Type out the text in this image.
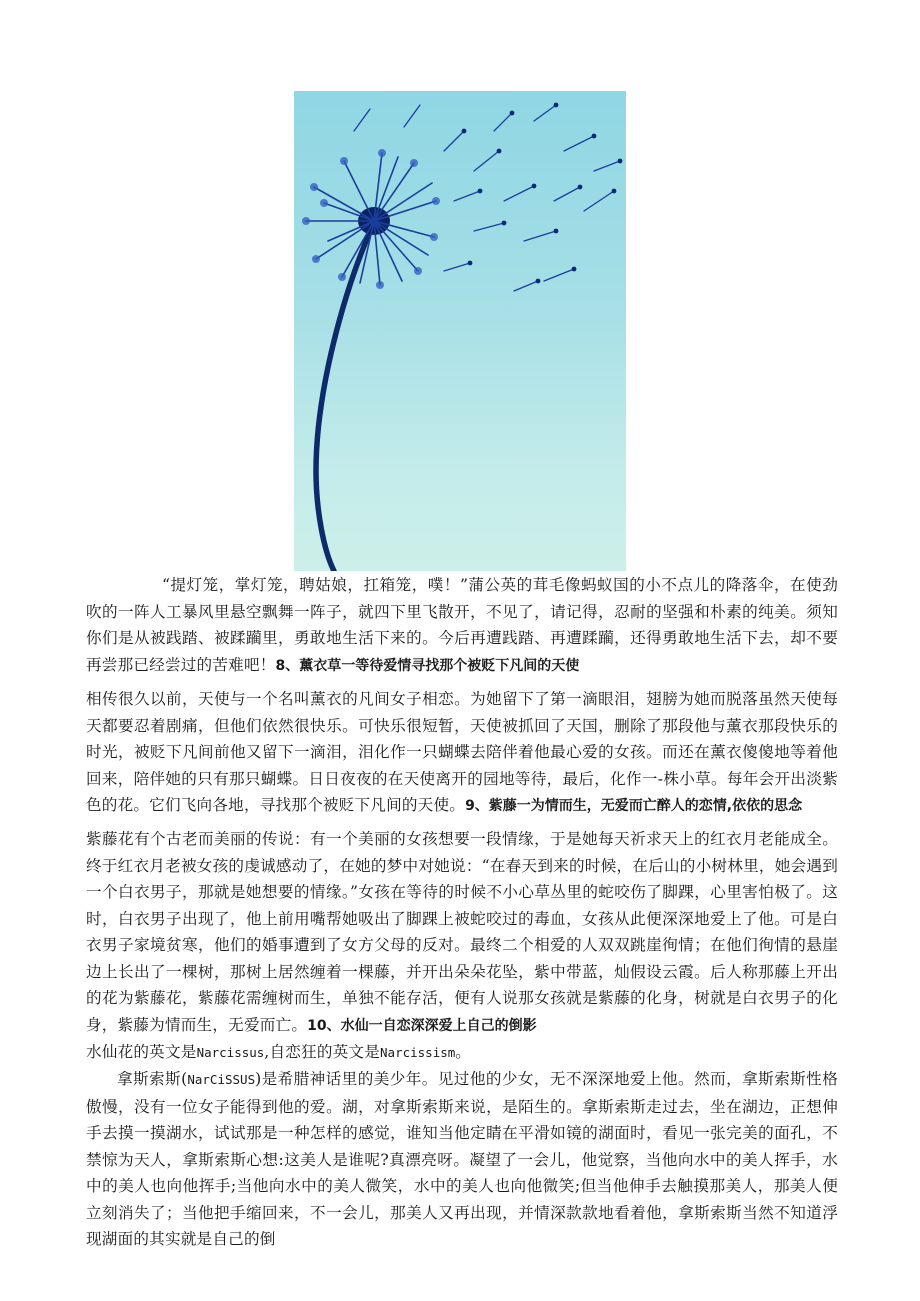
“提灯笼，掌灯笼，聘姑娘，扛箱笼，噗！”蒲公英的茸毛像蚂蚁国的小不点儿的降落伞，在使劲吹的一阵人工暴风里悬空飘舞一阵子，就四下里飞散开，不见了，请记得，忍耐的坚强和朴素的纯美。须知你们是从被践踏、被蹂躏里，勇敢地生活下来的。今后再遭践踏、再遭蹂躏，还得勇敢地生活下去，却不要再尝那已经尝过的苦难吧！8、薰衣草一等待爱情寻找那个被贬下凡间的天使

相传很久以前，天使与一个名叫薰衣的凡间女子相恋。为她留下了第一滴眼泪，翅膀为她而脱落虽然天使每天都要忍着剧痛，但他们依然很快乐。可快乐很短暂，天使被抓回了天国，删除了那段他与薰衣那段快乐的时光，被贬下凡间前他又留下一滴泪，泪化作一只蝴蝶去陪伴着他最心爱的女孩。而还在薰衣傻傻地等着他回来，陪伴她的只有那只蝴蝶。日日夜夜的在天使离开的园地等待，最后，化作一-株小草。每年会开出淡紫色的花。它们飞向各地，寻找那个被贬下凡间的天使。9、紫藤一为情而生，无爱而亡醉人的恋情,依依的思念

紫藤花有个古老而美丽的传说：有一个美丽的女孩想要一段情缘，于是她每天祈求天上的红衣月老能成全。终于红衣月老被女孩的虔诚感动了，在她的梦中对她说：“在春天到来的时候，在后山的小树林里，她会遇到一个白衣男子，那就是她想要的情缘。”女孩在等待的时候不小心草丛里的蛇咬伤了脚踝，心里害怕极了。这时，白衣男子出现了，他上前用嘴帮她吸出了脚踝上被蛇咬过的毒血，女孩从此便深深地爱上了他。可是白衣男子家境贫寒，他们的婚事遭到了女方父母的反对。最终二个相爱的人双双跳崖徇情；在他们徇情的悬崖边上长出了一棵树，那树上居然缠着一棵藤，并开出朵朵花坠，紫中带蓝，灿假设云霞。后人称那藤上开出的花为紫藤花，紫藤花需缠树而生，单独不能存活，便有人说那女孩就是紫藤的化身，树就是白衣男子的化身，紫藤为情而生，无爱而亡。10、水仙一自恋深深爱上自己的倒影

水仙花的英文是Narcissus,自恋狂的英文是Narcissism。

拿斯索斯(NarCiSSUS)是希腊神话里的美少年。见过他的少女，无不深深地爱上他。然而，拿斯索斯性格傲慢，没有一位女子能得到他的爱。湖，对拿斯索斯来说，是陌生的。拿斯索斯走过去，坐在湖边，正想伸手去摸一摸湖水，试试那是一种怎样的感觉，谁知当他定睛在平滑如镜的湖面时，看见一张完美的面孔，不禁惊为天人，拿斯索斯心想:这美人是谁呢?真漂亮呀。凝望了一会儿，他觉察，当他向水中的美人挥手，水中的美人也向他挥手;当他向水中的美人微笑，水中的美人也向他微笑;但当他伸手去触摸那美人，那美人便立刻消失了；当他把手缩回来，不一会儿，那美人又再出现，并情深款款地看着他，拿斯索斯当然不知道浮现湖面的其实就是自己的倒
